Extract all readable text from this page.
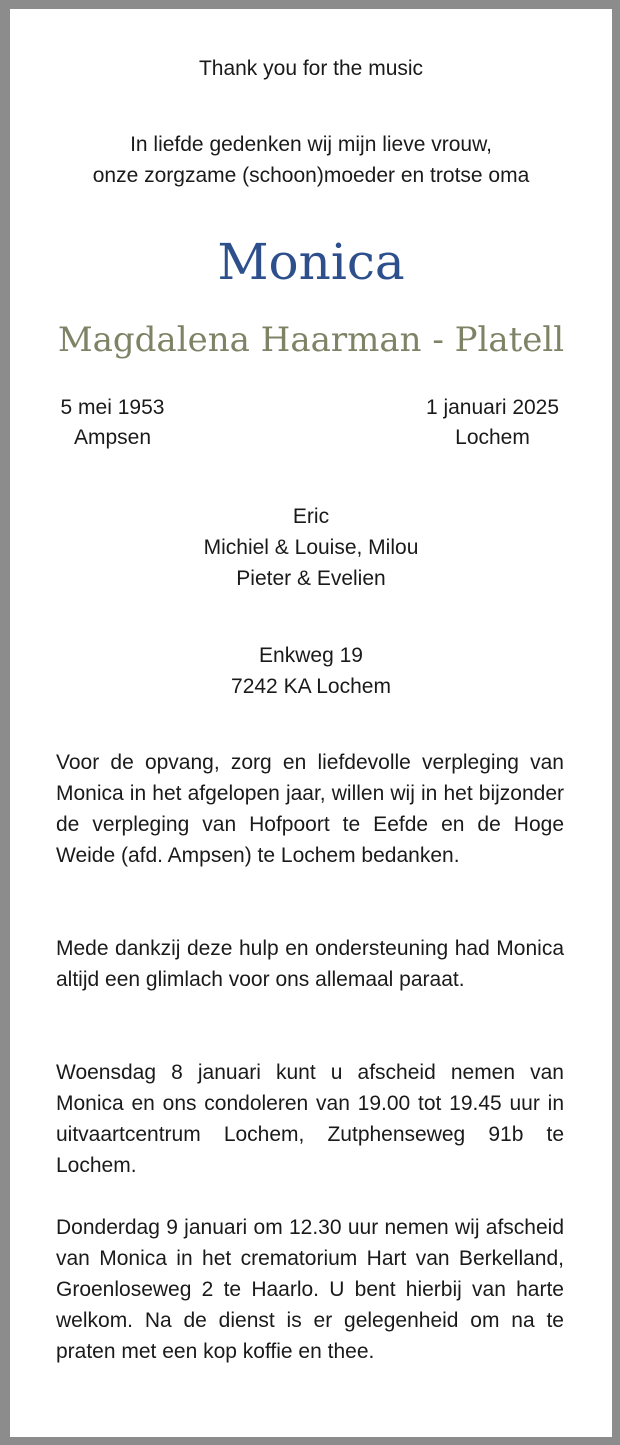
Thank you for the music
In liefde gedenken wij mijn lieve vrouw,
onze zorgzame (schoon)moeder en trotse oma
Monica
Magdalena Haarman - Platell
5 mei 1953
Ampsen
1 januari 2025
Lochem
Eric
Michiel & Louise, Milou
Pieter & Evelien
Enkweg 19
7242 KA Lochem
Voor de opvang, zorg en liefdevolle verpleging van Monica in het afgelopen jaar, willen wij in het bijzonder de verpleging van Hofpoort te Eefde en de Hoge Weide (afd. Ampsen) te Lochem bedanken.
Mede dankzij deze hulp en ondersteuning had Monica altijd een glimlach voor ons allemaal paraat.
Woensdag 8 januari kunt u afscheid nemen van Monica en ons condoleren van 19.00 tot 19.45 uur in uitvaartcentrum Lochem, Zutphenseweg 91b te Lochem.
Donderdag 9 januari om 12.30 uur nemen wij afscheid van Monica in het crematorium Hart van Berkelland, Groenloseweg 2 te Haarlo. U bent hierbij van harte welkom. Na de dienst is er gelegenheid om na te praten met een kop koffie en thee.
